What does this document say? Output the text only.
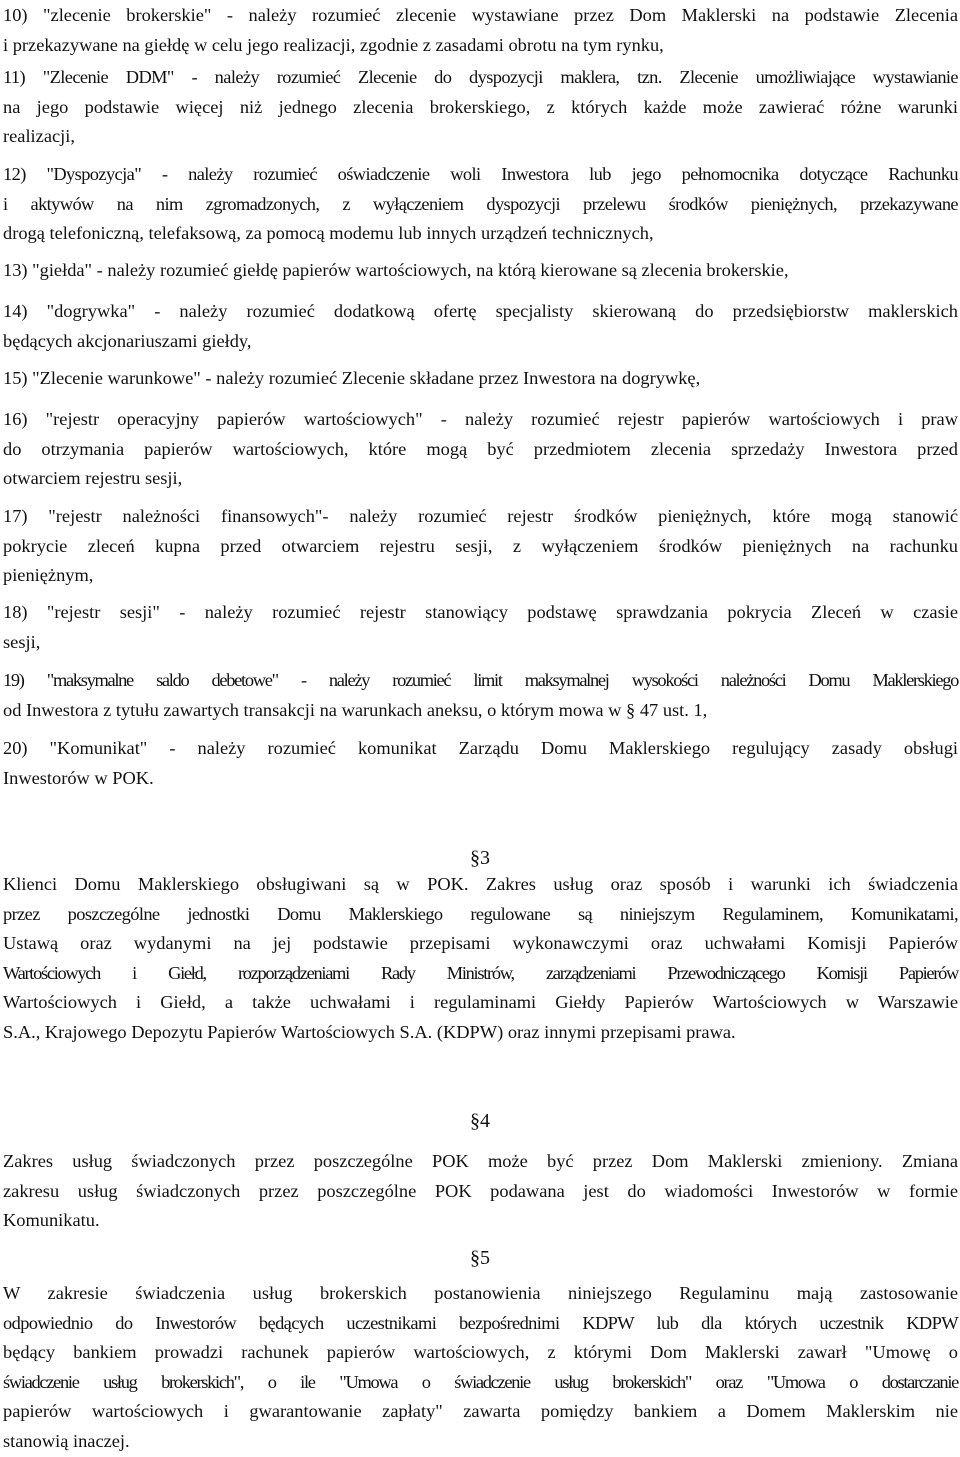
10) "zlecenie brokerskie" - należy rozumieć zlecenie wystawiane przez Dom Maklerski na podstawie Zlecenia
i przekazywane na giełdę w celu jego realizacji, zgodnie z zasadami obrotu na tym rynku,
11) "Zlecenie DDM" - należy rozumieć Zlecenie do dyspozycji maklera, tzn. Zlecenie umożliwiające wystawianie
na jego podstawie więcej niż jednego zlecenia brokerskiego, z których każde może zawierać różne warunki
realizacji,
12) "Dyspozycja" - należy rozumieć oświadczenie woli Inwestora lub jego pełnomocnika dotyczące Rachunku
i aktywów na nim zgromadzonych, z wyłączeniem dyspozycji przelewu środków pieniężnych, przekazywane
drogą telefoniczną, telefaksową, za pomocą modemu lub innych urządzeń technicznych,
13) "giełda" - należy rozumieć giełdę papierów wartościowych, na którą kierowane są zlecenia brokerskie,
14) "dogrywka" - należy rozumieć dodatkową ofertę specjalisty skierowaną do przedsiębiorstw maklerskich
będących akcjonariuszami giełdy,
15) "Zlecenie warunkowe" - należy rozumieć Zlecenie składane przez Inwestora na dogrywkę,
16) "rejestr operacyjny papierów wartościowych" - należy rozumieć rejestr papierów wartościowych i praw
do otrzymania papierów wartościowych, które mogą być przedmiotem zlecenia sprzedaży Inwestora przed
otwarciem rejestru sesji,
17) "rejestr należności finansowych"- należy rozumieć rejestr środków pieniężnych, które mogą stanowić
pokrycie zleceń kupna przed otwarciem rejestru sesji, z wyłączeniem środków pieniężnych na rachunku
pieniężnym,
18) "rejestr sesji" - należy rozumieć rejestr stanowiący podstawę sprawdzania pokrycia Zleceń w czasie
sesji,
19) "maksymalne saldo debetowe" - należy rozumieć limit maksymalnej wysokości należności Domu Maklerskiego
od Inwestora z tytułu zawartych transakcji na warunkach aneksu, o którym mowa w § 47 ust. 1,
20) "Komunikat" - należy rozumieć komunikat Zarządu Domu Maklerskiego regulujący zasady obsługi
Inwestorów w POK.
§3
Klienci Domu Maklerskiego obsługiwani są w POK. Zakres usług oraz sposób i warunki ich świadczenia
przez poszczególne jednostki Domu Maklerskiego regulowane są niniejszym Regulaminem, Komunikatami,
Ustawą oraz wydanymi na jej podstawie przepisami wykonawczymi oraz uchwałami Komisji Papierów
Wartościowych i Giełd, rozporządzeniami Rady Ministrów, zarządzeniami Przewodniczącego Komisji Papierów
Wartościowych i Giełd, a także uchwałami i regulaminami Giełdy Papierów Wartościowych w Warszawie
S.A., Krajowego Depozytu Papierów Wartościowych S.A. (KDPW) oraz innymi przepisami prawa.
§4
Zakres usług świadczonych przez poszczególne POK może być przez Dom Maklerski zmieniony. Zmiana
zakresu usług świadczonych przez poszczególne POK podawana jest do wiadomości Inwestorów w formie
Komunikatu.
§5
W zakresie świadczenia usług brokerskich postanowienia niniejszego Regulaminu mają zastosowanie
odpowiednio do Inwestorów będących uczestnikami bezpośrednimi KDPW lub dla których uczestnik KDPW
będący bankiem prowadzi rachunek papierów wartościowych, z którymi Dom Maklerski zawarł "Umowę o
świadczenie usług brokerskich", o ile "Umowa o świadczenie usług brokerskich" oraz "Umowa o dostarczanie
papierów wartościowych i gwarantowanie zapłaty" zawarta pomiędzy bankiem a Domem Maklerskim nie
stanowią inaczej.
